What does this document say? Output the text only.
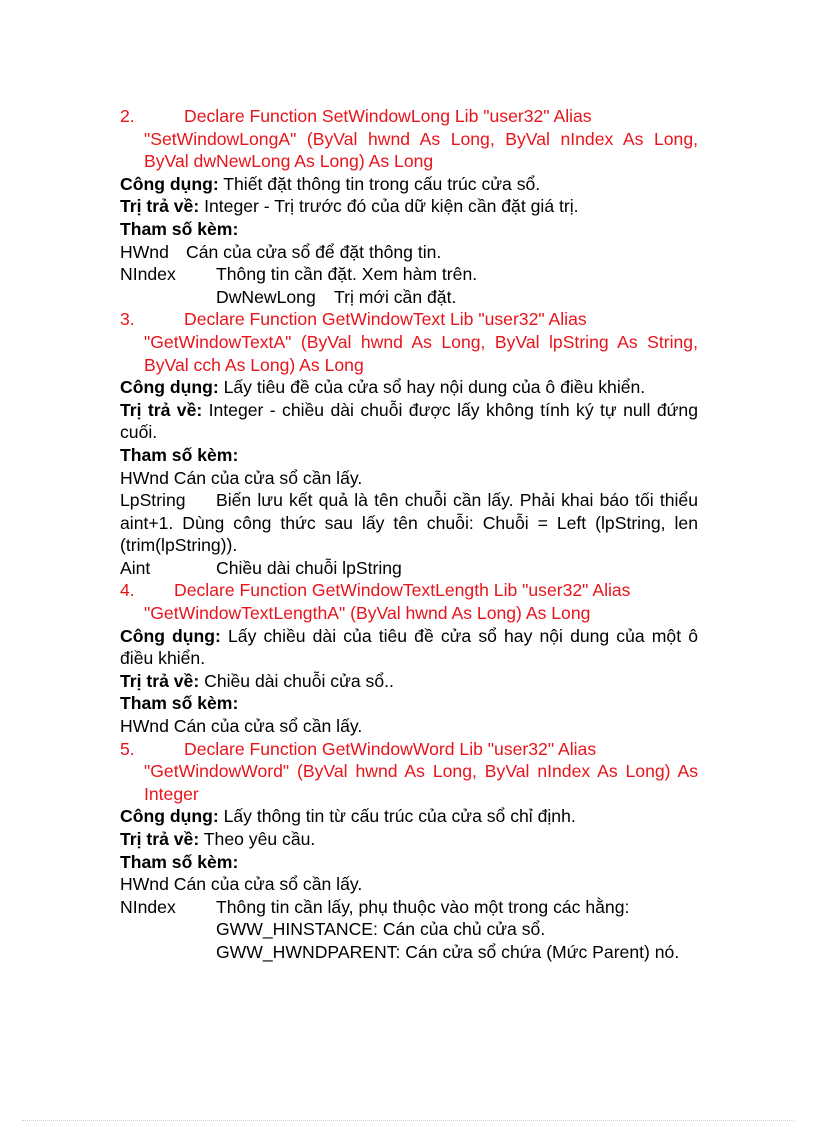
2.	Declare Function SetWindowLong Lib "user32" Alias
"SetWindowLongA" (ByVal hwnd As Long, ByVal nIndex As Long, ByVal dwNewLong As Long) As Long
Công dụng: Thiết đặt thông tin trong cấu trúc cửa sổ.
Trị trả về: Integer - Trị trước đó của dữ kiện cần đặt giá trị.
Tham số kèm:
HWnd Cán của cửa sổ để đặt thông tin.
NIndex	Thông tin cần đặt. Xem hàm trên.
DwNewLong	Trị mới cần đặt.
3.	Declare Function GetWindowText Lib "user32" Alias
"GetWindowTextA" (ByVal hwnd As Long, ByVal lpString As String, ByVal cch As Long) As Long
Công dụng: Lấy tiêu đề của cửa sổ hay nội dung của ô điều khiển.
Trị trả về: Integer - chiều dài chuỗi được lấy không tính ký tự null đứng cuối.
Tham số kèm:
HWnd Cán của cửa sổ cần lấy.
LpString Biến lưu kết quả là tên chuỗi cần lấy. Phải khai báo tối thiểu aint+1. Dùng công thức sau lấy tên chuỗi: Chuỗi = Left (lpString, len (trim(lpString)).
Aint	Chiều dài chuỗi lpString
4. Declare Function GetWindowTextLength Lib "user32" Alias
"GetWindowTextLengthA" (ByVal hwnd As Long) As Long
Công dụng: Lấy chiều dài của tiêu đề cửa sổ hay nội dung của một ô điều khiển.
Trị trả về: Chiều dài chuỗi cửa sổ..
Tham số kèm:
HWnd Cán của cửa sổ cần lấy.
5.	Declare Function GetWindowWord Lib "user32" Alias
"GetWindowWord" (ByVal hwnd As Long, ByVal nIndex As Long) As Integer
Công dụng: Lấy thông tin từ cấu trúc của cửa sổ chỉ định.
Trị trả về: Theo yêu cầu.
Tham số kèm:
HWnd Cán của cửa sổ cần lấy.
NIndex	Thông tin cần lấy, phụ thuộc vào một trong các hằng:
GWW_HINSTANCE: Cán của chủ cửa sổ.
GWW_HWNDPARENT: Cán cửa sổ chứa (Mức Parent) nó.
